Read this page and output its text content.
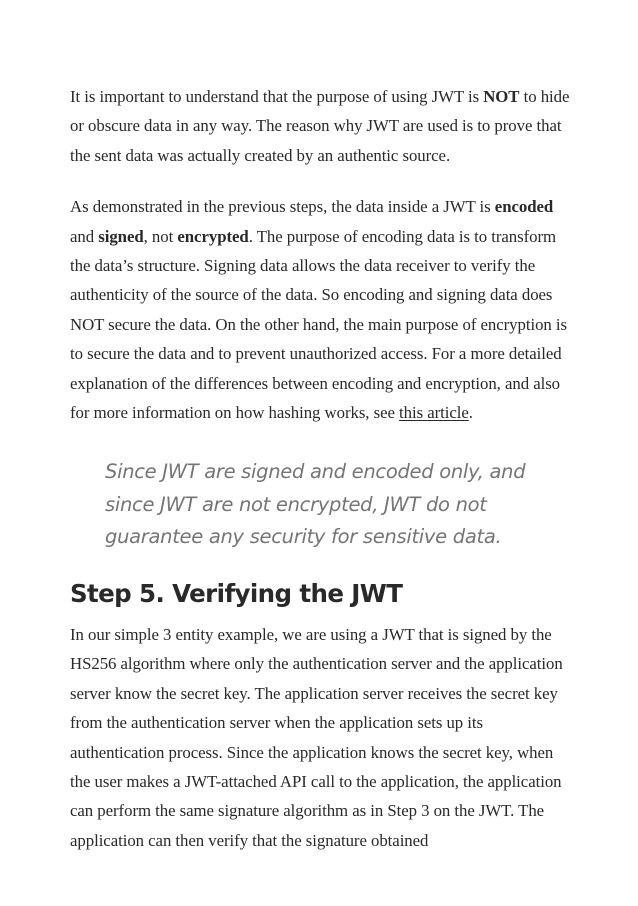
It is important to understand that the purpose of using JWT is NOT to hide or obscure data in any way. The reason why JWT are used is to prove that the sent data was actually created by an authentic source.

As demonstrated in the previous steps, the data inside a JWT is encoded and signed, not encrypted. The purpose of encoding data is to transform the data’s structure. Signing data allows the data receiver to verify the authenticity of the source of the data. So encoding and signing data does NOT secure the data. On the other hand, the main purpose of encryption is to secure the data and to prevent unauthorized access. For a more detailed explanation of the differences between encoding and encryption, and also for more information on how hashing works, see this article.

Since JWT are signed and encoded only, and since JWT are not encrypted, JWT do not guarantee any security for sensitive data.
Step 5. Verifying the JWT

In our simple 3 entity example, we are using a JWT that is signed by the HS256 algorithm where only the authentication server and the application server know the secret key. The application server receives the secret key from the authentication server when the application sets up its authentication process. Since the application knows the secret key, when the user makes a JWT-attached API call to the application, the application can perform the same signature algorithm as in Step 3 on the JWT. The application can then verify that the signature obtained
